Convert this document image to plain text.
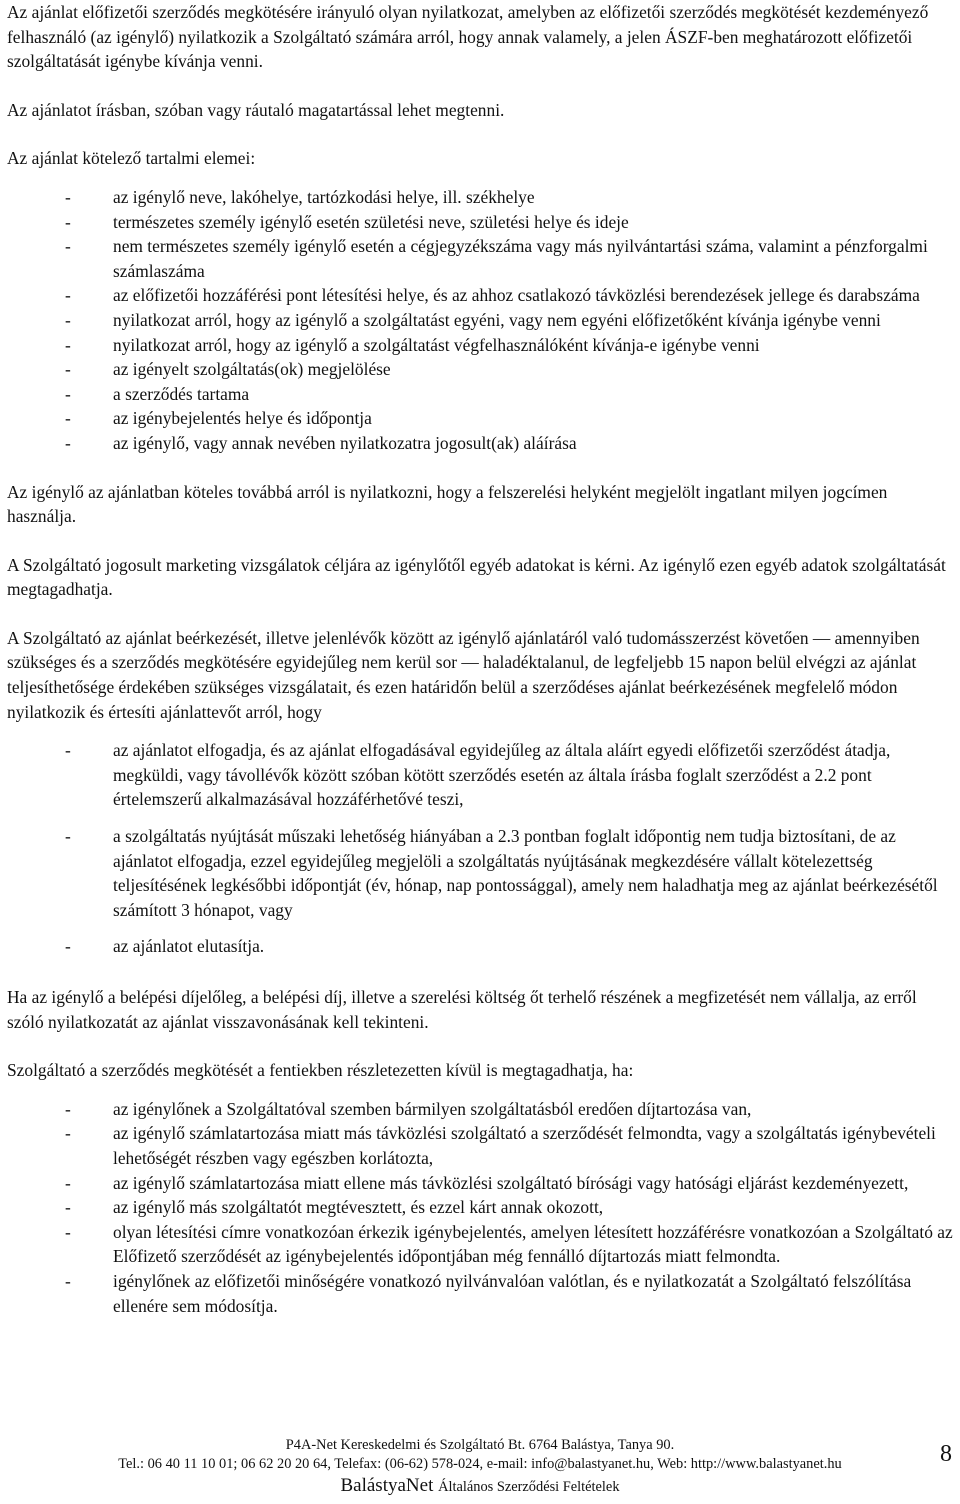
Az ajánlat előfizetői szerződés megkötésére irányuló olyan nyilatkozat, amelyben az előfizetői szerződés megkötését kezdeményező felhasználó (az igénylő) nyilatkozik a Szolgáltató számára arról, hogy annak valamely, a jelen ÁSZF-ben meghatározott előfizetői szolgáltatását igénybe kívánja venni.

Az ajánlatot írásban, szóban vagy ráutaló magatartással lehet megtenni.

Az ajánlat kötelező tartalmi elemei:

- az igénylő neve, lakóhelye, tartózkodási helye, ill. székhelye
- természetes személy igénylő esetén születési neve, születési helye és ideje
- nem természetes személy igénylő esetén a cégjegyzékszáma vagy más nyilvántartási száma, valamint a pénzforgalmi számlaszáma
- az előfizetői hozzáférési pont létesítési helye, és az ahhoz csatlakozó távközlési berendezések jellege és darabszáma
- nyilatkozat arról, hogy az igénylő a szolgáltatást egyéni, vagy nem egyéni előfizetőként kívánja igénybe venni
- nyilatkozat arról, hogy az igénylő a szolgáltatást végfelhasználóként kívánja-e igénybe venni
- az igényelt szolgáltatás(ok) megjelölése
- a szerződés tartama
- az igénybejelentés helye és időpontja
- az igénylő, vagy annak nevében nyilatkozatra jogosult(ak) aláírása

Az igénylő az ajánlatban köteles továbbá arról is nyilatkozni, hogy a felszerelési helyként megjelölt ingatlant milyen jogcímen használja.

A Szolgáltató jogosult marketing vizsgálatok céljára az igénylőtől egyéb adatokat is kérni. Az igénylő ezen egyéb adatok szolgáltatását megtagadhatja.

A Szolgáltató az ajánlat beérkezését, illetve jelenlévők között az igénylő ajánlatáról való tudomásszerzést követően — amennyiben szükséges és a szerződés megkötésére egyidejűleg nem kerül sor — haladéktalanul, de legfeljebb 15 napon belül elvégzi az ajánlat teljesíthetősége érdekében szükséges vizsgálatait, és ezen határidőn belül a szerződéses ajánlat beérkezésének megfelelő módon nyilatkozik és értesíti ajánlattevőt arról, hogy

- az ajánlatot elfogadja, és az ajánlat elfogadásával egyidejűleg az általa aláírt egyedi előfizetői szerződést átadja, megküldi, vagy távollévők között szóban kötött szerződés esetén az általa írásba foglalt szerződést a 2.2 pont értelemszerű alkalmazásával hozzáférhetővé teszi,
- a szolgáltatás nyújtását műszaki lehetőség hiányában a 2.3 pontban foglalt időpontig nem tudja biztosítani, de az ajánlatot elfogadja, ezzel egyidejűleg megjelöli a szolgáltatás nyújtásának megkezdésére vállalt kötelezettség teljesítésének legkésőbbi időpontját (év, hónap, nap pontossággal), amely nem haladhatja meg az ajánlat beérkezésétől számított 3 hónapot, vagy
- az ajánlatot elutasítja.

Ha az igénylő a belépési díjelőleg, a belépési díj, illetve a szerelési költség őt terhelő részének a megfizetését nem vállalja, az erről szóló nyilatkozatát az ajánlat visszavonásának kell tekinteni.

Szolgáltató a szerződés megkötését a fentiekben részletezetten kívül is megtagadhatja, ha:

- az igénylőnek a Szolgáltatóval szemben bármilyen szolgáltatásból eredően díjtartozása van,
- az igénylő számlatartozása miatt más távközlési szolgáltató a szerződését felmondta, vagy a szolgáltatás igénybevételi lehetőségét részben vagy egészben korlátozta,
- az igénylő számlatartozása miatt ellene más távközlési szolgáltató bírósági vagy hatósági eljárást kezdeményezett,
- az igénylő más szolgáltatót megtévesztett, és ezzel kárt annak okozott,
- olyan létesítési címre vonatkozóan érkezik igénybejelentés, amelyen létesített hozzáférésre vonatkozóan a Szolgáltató az Előfizető szerződését az igénybejelentés időpontjában még fennálló díjtartozás miatt felmondta.
- igénylőnek az előfizetői minőségére vonatkozó nyilvánvalóan valótlan, és e nyilatkozatát a Szolgáltató felszólítása ellenére sem módosítja.
P4A-Net Kereskedelmi és Szolgáltató Bt. 6764 Balástya, Tanya 90.
Tel.: 06 40 11 10 01; 06 62 20 20 64, Telefax: (06-62) 578-024, e-mail: info@balastyanet.hu, Web: http://www.balastyanet.hu
BalástyaNet Általános Szerződési Feltételek
8
